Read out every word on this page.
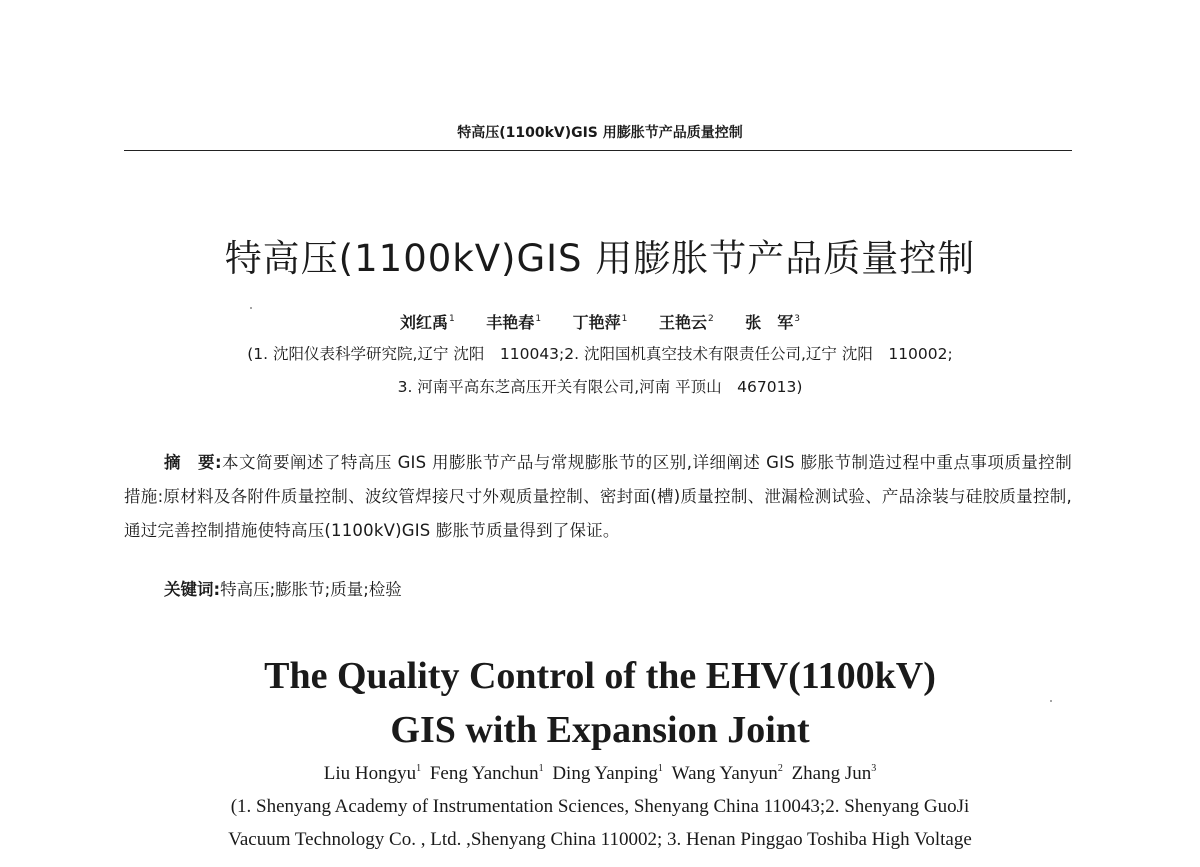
特高压(1100kV)GIS 用膨胀节产品质量控制
特高压(1100kV)GIS 用膨胀节产品质量控制
刘红禹$^1$ 丰艳春$^1$ 丁艳萍$^1$ 王艳云$^2$ 张　军$^3$
(1. 沈阳仪表科学研究院,辽宁 沈阳　110043;2. 沈阳国机真空技术有限责任公司,辽宁 沈阳　110002;
3. 河南平高东芝高压开关有限公司,河南 平顶山　467013)
摘　要:本文简要阐述了特高压 GIS 用膨胀节产品与常规膨胀节的区别,详细阐述 GIS 膨胀节制造过程中重点事项质量控制措施:原材料及各附件质量控制、波纹管焊接尺寸外观质量控制、密封面(槽)质量控制、泄漏检测试验、产品涂装与硅胶质量控制,通过完善控制措施使特高压(1100kV)GIS 膨胀节质量得到了保证。
关键词:特高压;膨胀节;质量;检验
The Quality Control of the EHV(1100kV)
GIS with Expansion Joint
Liu Hongyu$^1$ Feng Yanchun$^1$ Ding Yanping$^1$ Wang Yanyun$^2$ Zhang Jun$^3$
(1. Shenyang Academy of Instrumentation Sciences, Shenyang China 110043;2. Shenyang GuoJi
Vacuum Technology Co. , Ltd. ,Shenyang China 110002; 3. Henan Pinggao Toshiba High Voltage
